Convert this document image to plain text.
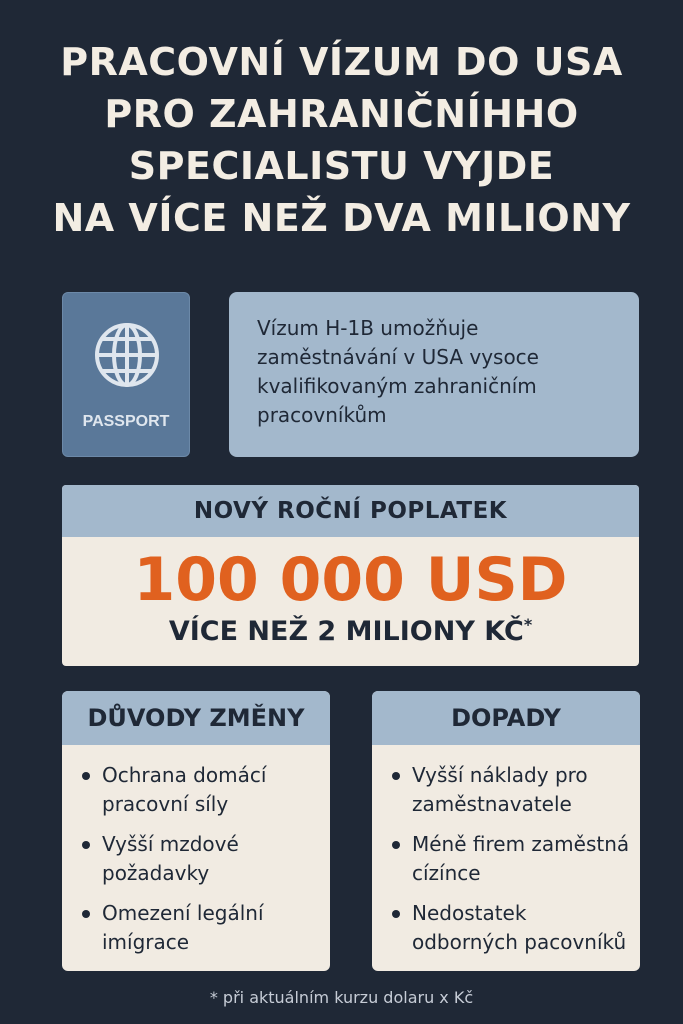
PRACOVNÍ VÍZUM DO USA
PRO ZAHRANIČNÍHHO
SPECIALISTU VYJDE
NA VÍCE NEŽ DVA MILIONY
PASSPORT

Vízum H-1B umožňuje zaměstnávání v USA vysoce kvalifikovaným zahraničním pracovníkům

NOVÝ ROČNÍ POPLATEK
100 000 USD
VÍCE NEŽ 2 MILIONY KČ*
DŮVODY ZMĚNY
Ochrana domácí pracovní síly
Vyšší mzdové požadavky
Omezení legální imígrace
DOPADY
Vyšší náklady pro zaměstnavatele
Méně firem zaměstná cízínce
Nedostatek odborných pacovníků
* při aktuálním kurzu dolaru x Kč
